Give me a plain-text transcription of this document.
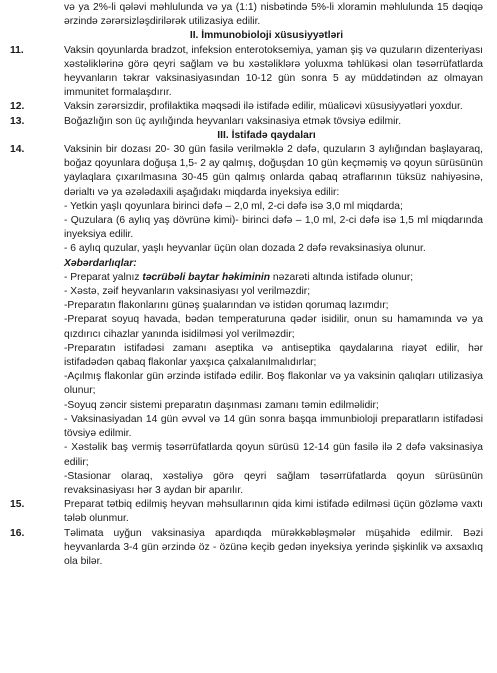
və ya 2%-li qələvi məhlulunda və ya (1:1) nisbətində 5%-li xloramin məhlulunda 15 dəqiqə ərzində zərərsizləşdirilərək utilizasiya edilir.
II. İmmunobioloji xüsusiyyətləri
11.	Vaksin qoyunlarda bradzot, infeksion enterotoksemiya, yaman şiş və quzuların dizenteriyası xəstəliklərinə görə qeyri sağlam və bu xəstəliklərə yoluxma təhlükəsi olan təsərrüfatlarda heyvanların təkrar vaksinasiyasından 10-12 gün sonra 5 ay müddətindən az olmayan immunitet formalaşdırır.
12.	Vaksin zərərsizdir, profilaktika məqsədi ilə istifadə edilir, müalicəvi xüsusiyyətləri yoxdur.
13.	Boğazlığın son üç ayılığında heyvanları vaksinasiya etmək tövsiyə edilmir.
III. İstifadə qaydaları
14.	Vaksinin bir dozası 20- 30 gün fasilə verilməklə 2 dəfə, quzuların 3 aylığından başlayaraq, boğaz qoyunlara doğuşa 1,5- 2 ay qalmış, doğuşdan 10 gün keçməmiş və qoyun sürüsünün yaylaqlara çıxarılmasına 30-45 gün qalmış onlarda qabaq ətraflarının tüksüz nahiyəsinə, dərialtı və ya əzələdaxili aşağıdakı miqdarda inyeksiya edilir:
- Yetkin yaşlı qoyunlara birinci dəfə – 2,0 ml, 2-ci dəfə isə 3,0 ml miqdarda;
- Quzulara (6 aylıq yaş dövrünə kimi)- birinci dəfə – 1,0 ml, 2-ci dəfə isə 1,5 ml miqdarında inyeksiya edilir.
- 6 aylıq quzular, yaşlı heyvanlar üçün olan dozada 2 dəfə revaksinasiya olunur.
Xəbərdarlıqlar:
- Preparat yalnız təcrübəli baytar həkiminin nəzarəti altında istifadə olunur;
- Xəstə, zəif heyvanların vaksinasiyası yol verilməzdir;
-Preparatın flakonlarını günəş şualarından və istidən qorumaq lazımdır;
-Preparat soyuq havada, bədən temperaturuna qədər isidilir, onun su hamamında və ya qızdırıcı cihazlar yanında isidilməsi yol verilməzdir;
-Preparatın istifadəsi zamanı aseptika və antiseptika qaydalarına riayət edilir, hər istifadədən qabaq flakonlar yaxşıca çalxalanılmalıdırlar;
-Açılmış flakonlar gün ərzində istifadə edilir. Boş flakonlar və ya vaksinin qalıqları utilizasiya olunur;
-Soyuq zəncir sistemi preparatın daşınması zamanı təmin edilməlidir;
- Vaksinasiyadan 14 gün əvvəl və 14 gün sonra başqa immunbioloji preparatların istifadəsi tövsiyə edilmir.
- Xəstəlik baş vermiş təsərrüfatlarda qoyun sürüsü 12-14 gün fasilə ilə 2 dəfə vaksinasiya edilir;
-Stasionar olaraq, xəstəliyə görə qeyri sağlam təsərrüfatlarda qoyun sürüsünün revaksinasiyası hər 3 aydan bir aparılır.
15.	Preparat tətbiq edilmiş heyvan məhsullarının qida kimi istifadə edilməsi üçün gözləmə vaxtı tələb olunmur.
16.	Təlimata uyğun vaksinasiya apardıqda mürəkkəbləşmələr müşahidə edilmir. Bəzi heyvanlarda 3-4 gün ərzində öz - özünə keçib gedən inyeksiya yerində şişkinlik və axsaxlıq ola bilər.
